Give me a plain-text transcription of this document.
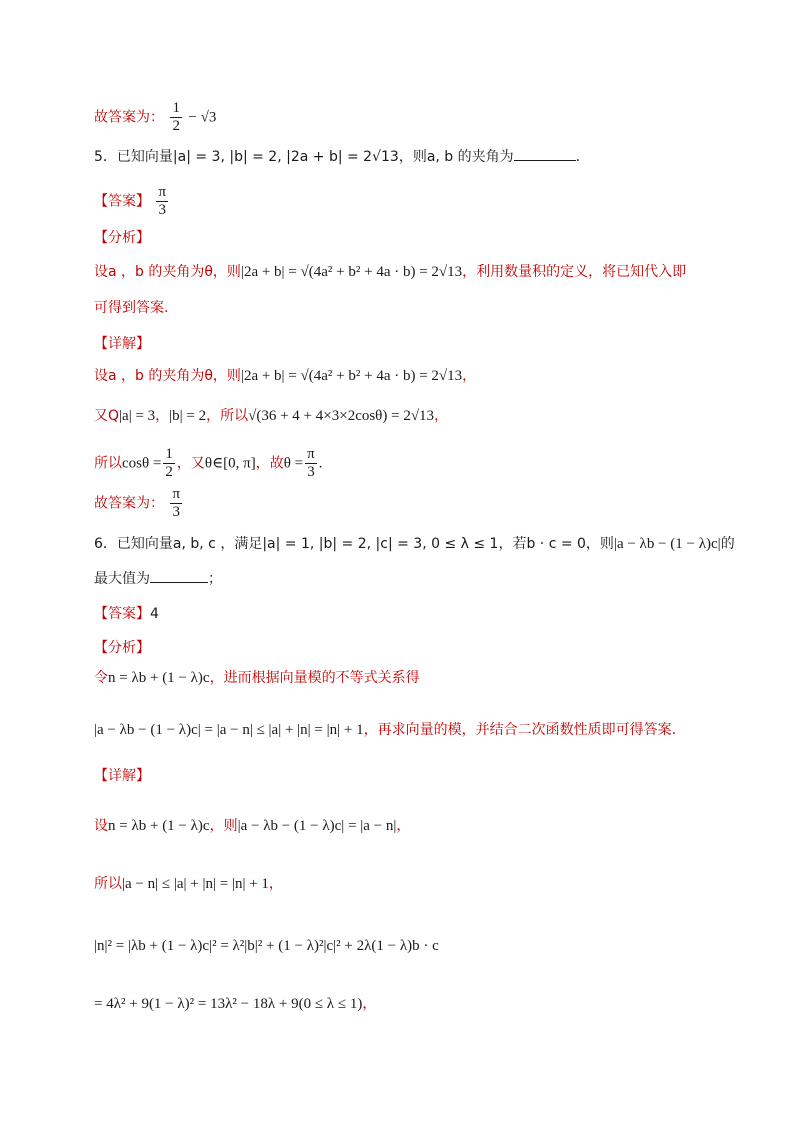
故答案为： $\frac{1}{2} - √3$
5．已知向量|a| = 3, |b| = 2, |2a + b| = 2√13，则a, b 的夹角为	．
【答案】 $\frac{\pi}{3}$
【分析】
设a ，b 的夹角为θ，则|2a + b| = √(4a² + b² + 4a · b) = 2√13，利用数量积的定义，将已知代入即
可得到答案.
【详解】
设a ，b 的夹角为θ，则|2a + b| = √(4a² + b² + 4a · b) = 2√13，
又Q|a| = 3，|b| = 2，所以√(36 + 4 + 4×3×2cosθ) = 2√13，
所以$\cos\theta = \frac{1}{2}$ ，又θ∈[0, π]，故$\theta = \frac{\pi}{3}$ .
故答案为： $\frac{\pi}{3}$
6．已知向量a, b, c ，满足|a| = 1, |b| = 2, |c| = 3, 0 ≤ λ ≤ 1，若b · c = 0，则|a − λb − (1 − λ)c|的
最大值为	；
【答案】4
【分析】
令n = λb + (1 − λ)c，进而根据向量模的不等式关系得
|a − λb − (1 − λ)c| = |a − n| ≤ |a| + |n| = |n| + 1，再求向量的模，并结合二次函数性质即可得答案.
【详解】
设n = λb + (1 − λ)c，则|a − λb − (1 − λ)c| = |a − n|，
所以|a − n| ≤ |a| + |n| = |n| + 1，
|n|² = |λb + (1 − λ)c|² = λ²|b|² + (1 − λ)²|c|² + 2λ(1 − λ)b · c
= 4λ² + 9(1 − λ)² = 13λ² − 18λ + 9(0 ≤ λ ≤ 1)，
